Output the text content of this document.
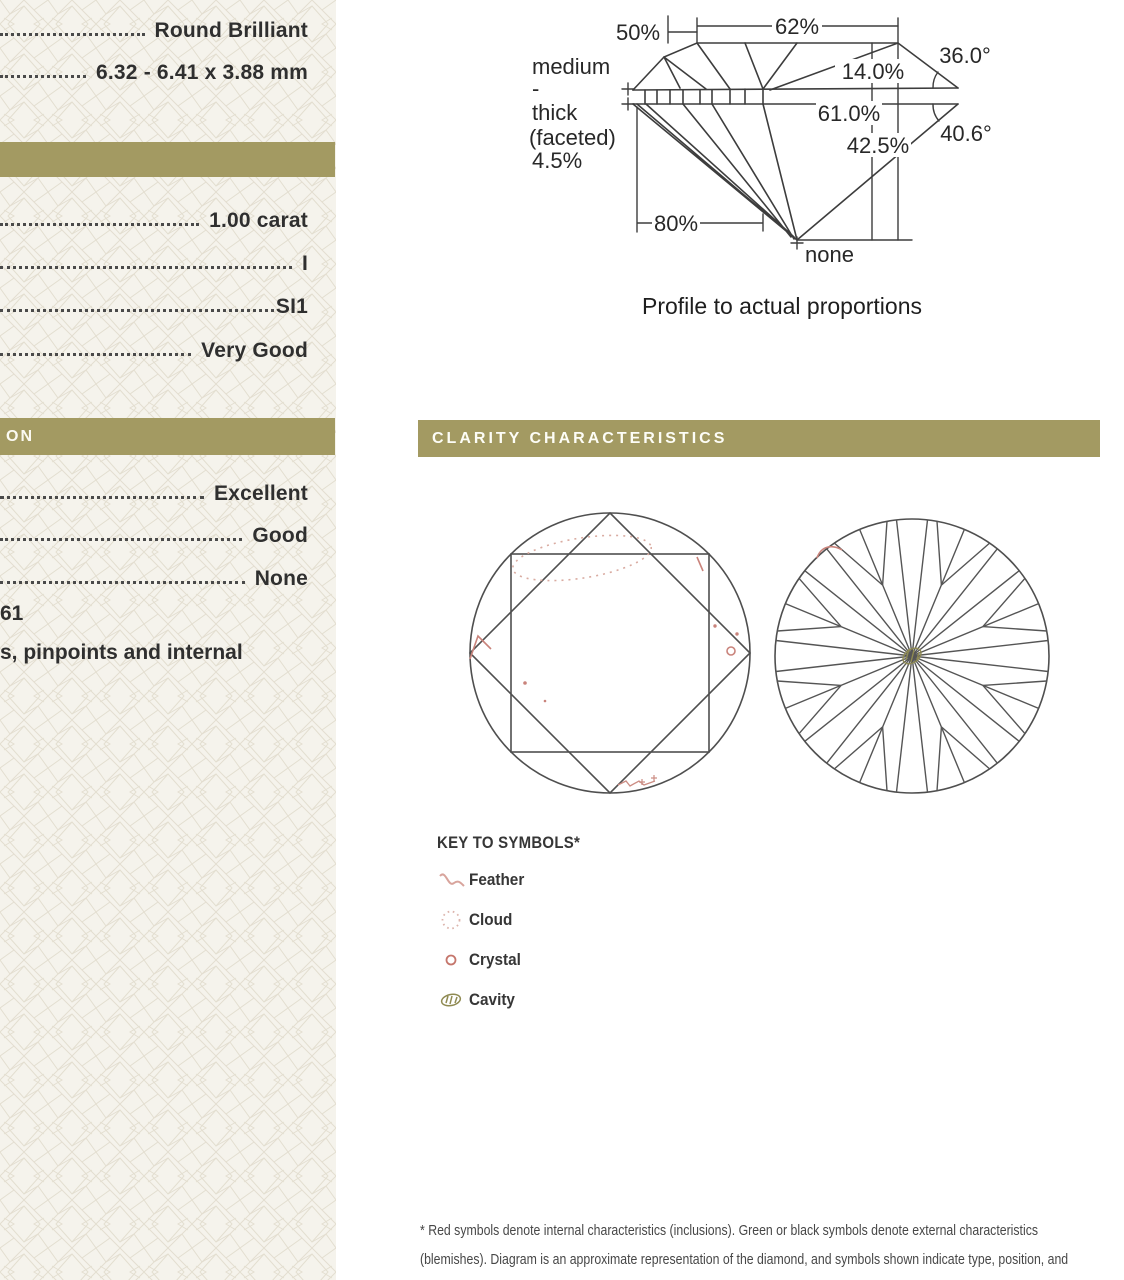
Round Brilliant
6.32 - 6.41 x 3.88 mm
1.00 carat
I
SI1
Very Good
ON
Excellent
Good
None
61
s, pinpoints and internal
50%	62%
medium
-
thick
(faceted)
4.5%
14.0%
36.0°
61.0%
42.5% 40.6°
80%
none
Profile to actual proportions
CLARITY CHARACTERISTICS
KEY TO SYMBOLS*
Feather
Cloud
Crystal
Cavity
* Red symbols denote internal characteristics (inclusions). Green or black symbols denote external characteristics
(blemishes). Diagram is an approximate representation of the diamond, and symbols shown indicate type, position, and
